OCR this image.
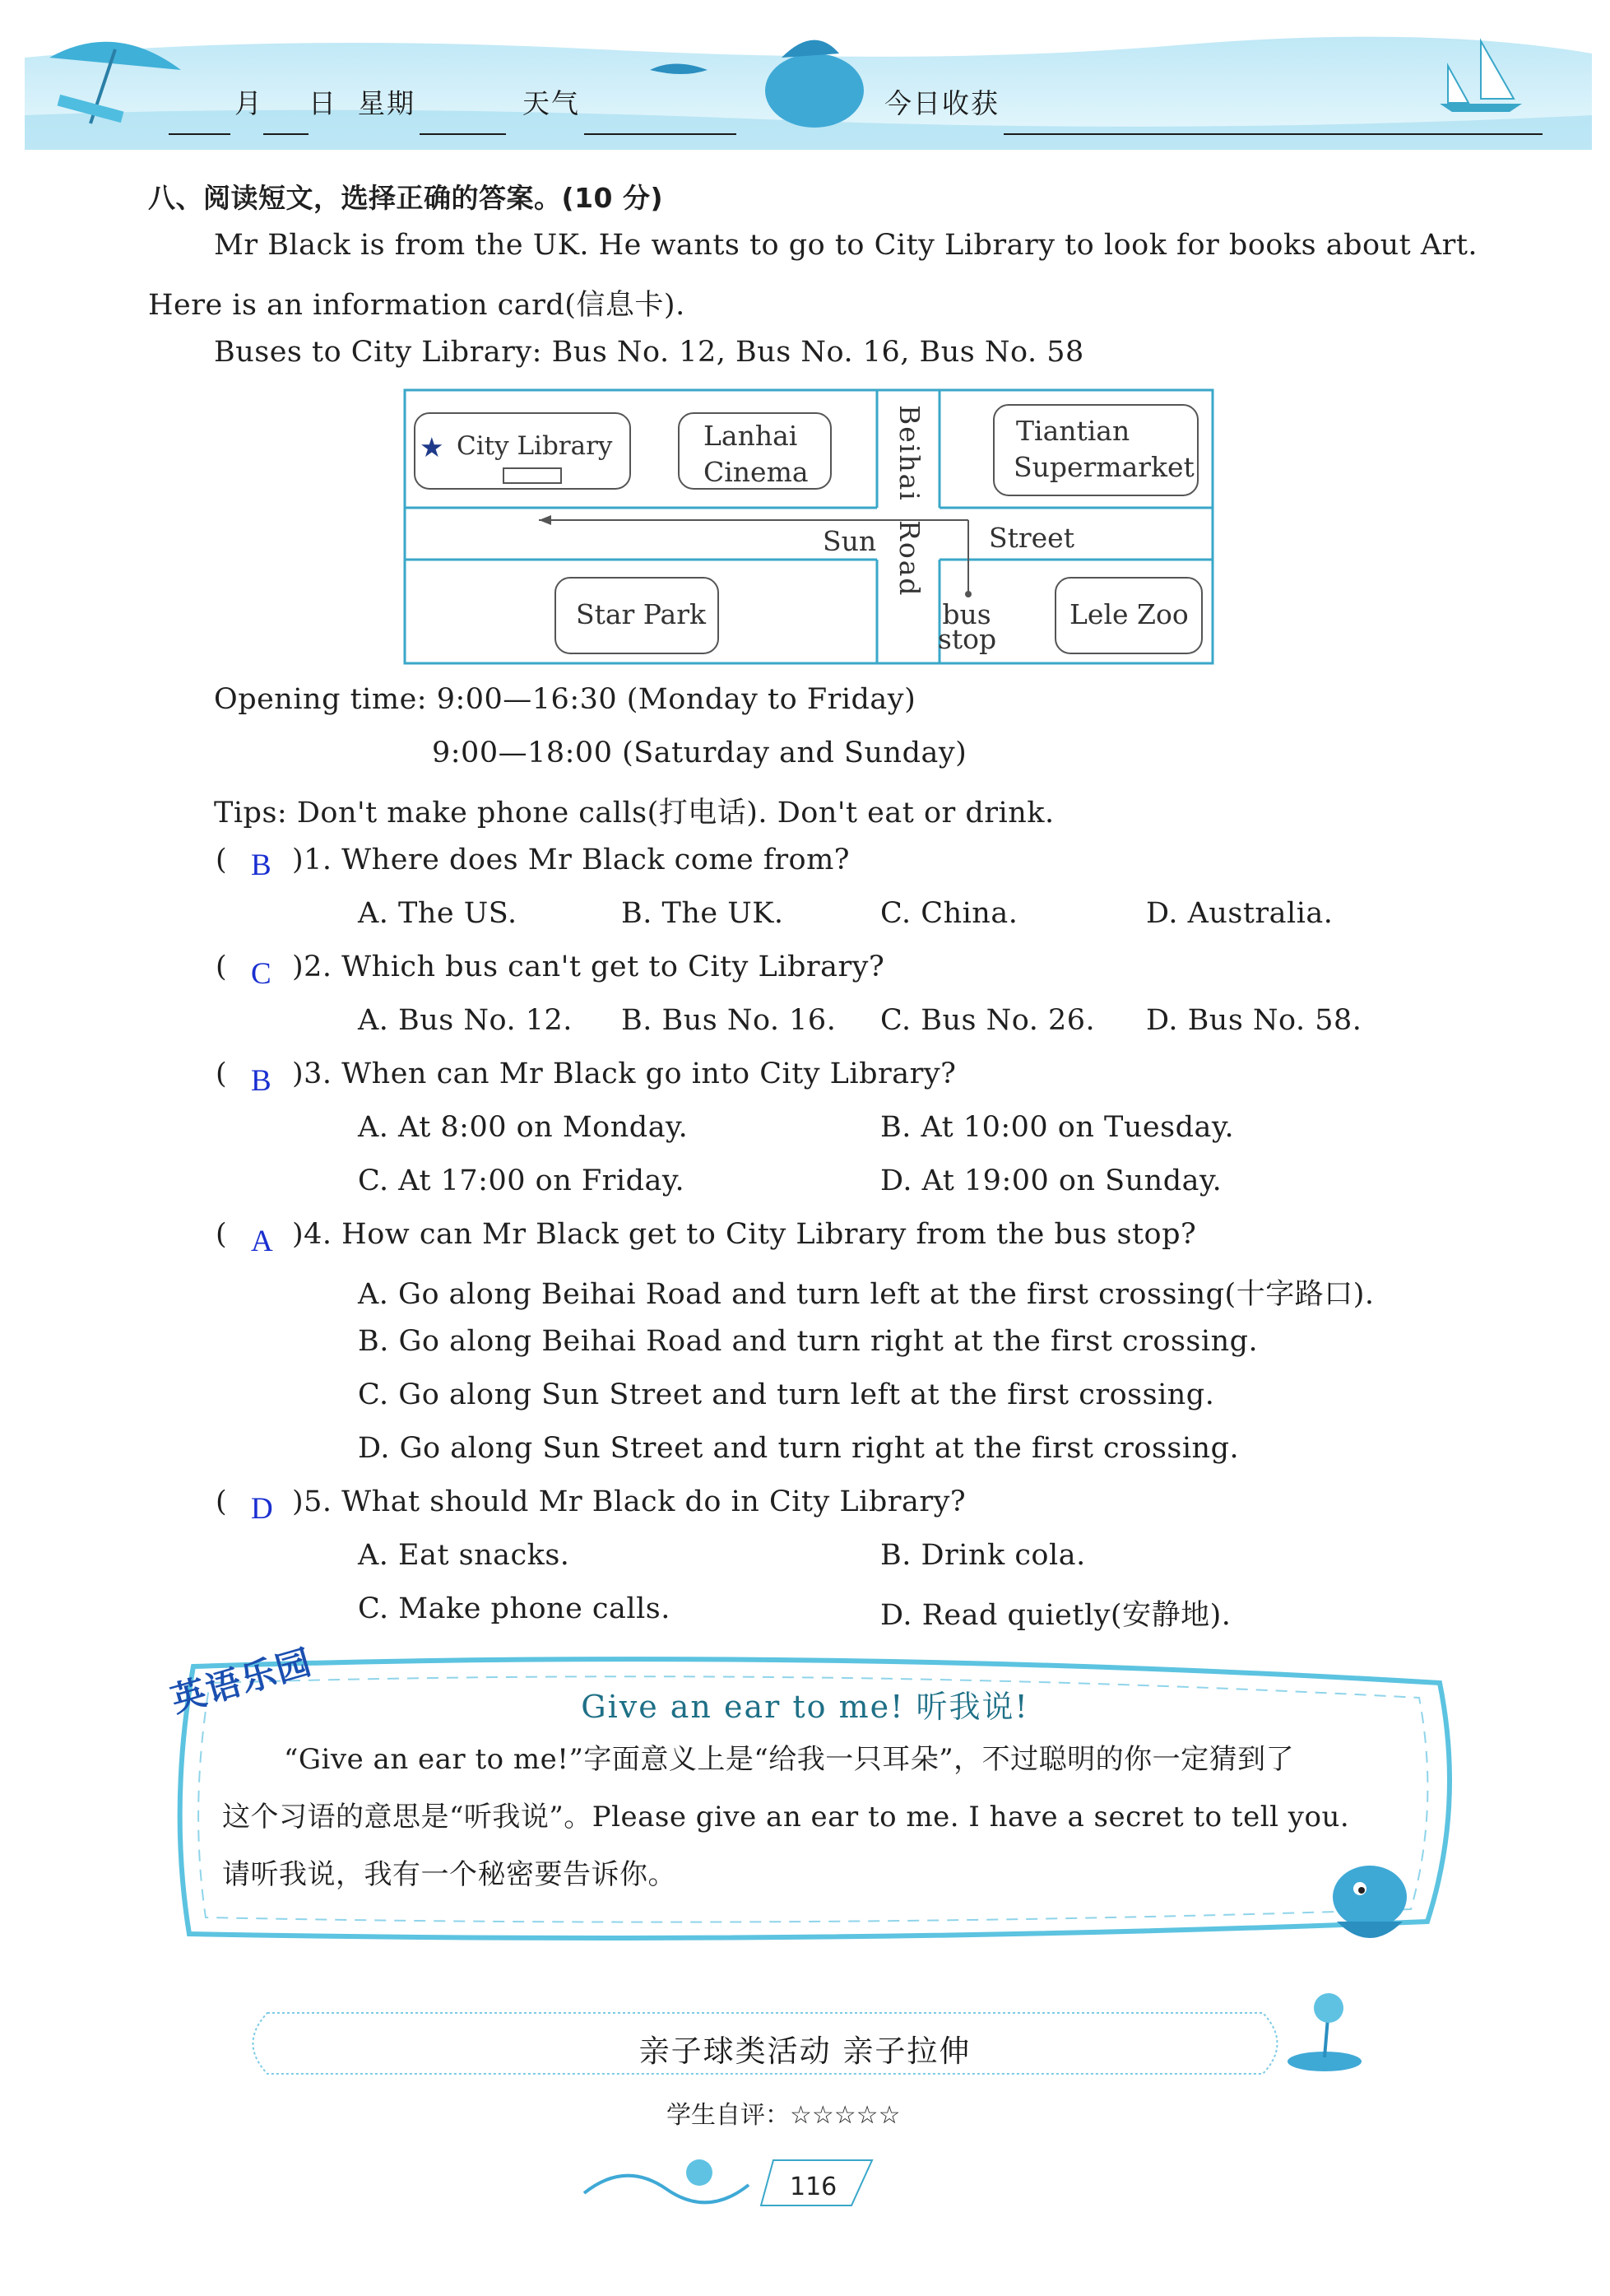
月 日 星期	天气	今日收获
八、阅读短文，选择正确的答案。(10 分)
Mr Black is from the UK. He wants to go to City Library to look for books about Art.
Here is an information card(信息卡).
Buses to City Library: Bus No. 12, Bus No. 16, Bus No. 58
★ City Library	Lanhai
Cinema	Beihai
Road
Tiantian
Supermarket
Sun	Street
Star Park	bus
stop
Lele Zoo
Opening time: 9:00—16:30 (Monday to Friday)
9:00—18:00 (Saturday and Sunday)
Tips: Don't make phone calls(打电话). Don't eat or drink.
( B )1. Where does Mr Black come from?
A. The US.	B. The UK.	C. China.	D. Australia.
( C )2. Which bus can't get to City Library?
A. Bus No. 12. B. Bus No. 16. C. Bus No. 26. D. Bus No. 58.
( B )3. When can Mr Black go into City Library?
A. At 8:00 on Monday.	B. At 10:00 on Tuesday.
C. At 17:00 on Friday.	D. At 19:00 on Sunday.
( A )4. How can Mr Black get to City Library from the bus stop?
A. Go along Beihai Road and turn left at the first crossing(十字路口).
B. Go along Beihai Road and turn right at the first crossing.
C. Go along Sun Street and turn left at the first crossing.
D. Go along Sun Street and turn right at the first crossing.
( D )5. What should Mr Black do in City Library?
A. Eat snacks.	B. Drink cola.
C. Make phone calls.	D. Read quietly(安静地).
英语乐园	Give an ear to me! 听我说!
“Give an ear to me!”字面意义上是“给我一只耳朵”，不过聪明的你一定猜到了
这个习语的意思是“听我说”。Please give an ear to me. I have a secret to tell you.
请听我说，我有一个秘密要告诉你。
亲子球类活动 亲子拉伸
学生自评：☆☆☆☆☆
116
